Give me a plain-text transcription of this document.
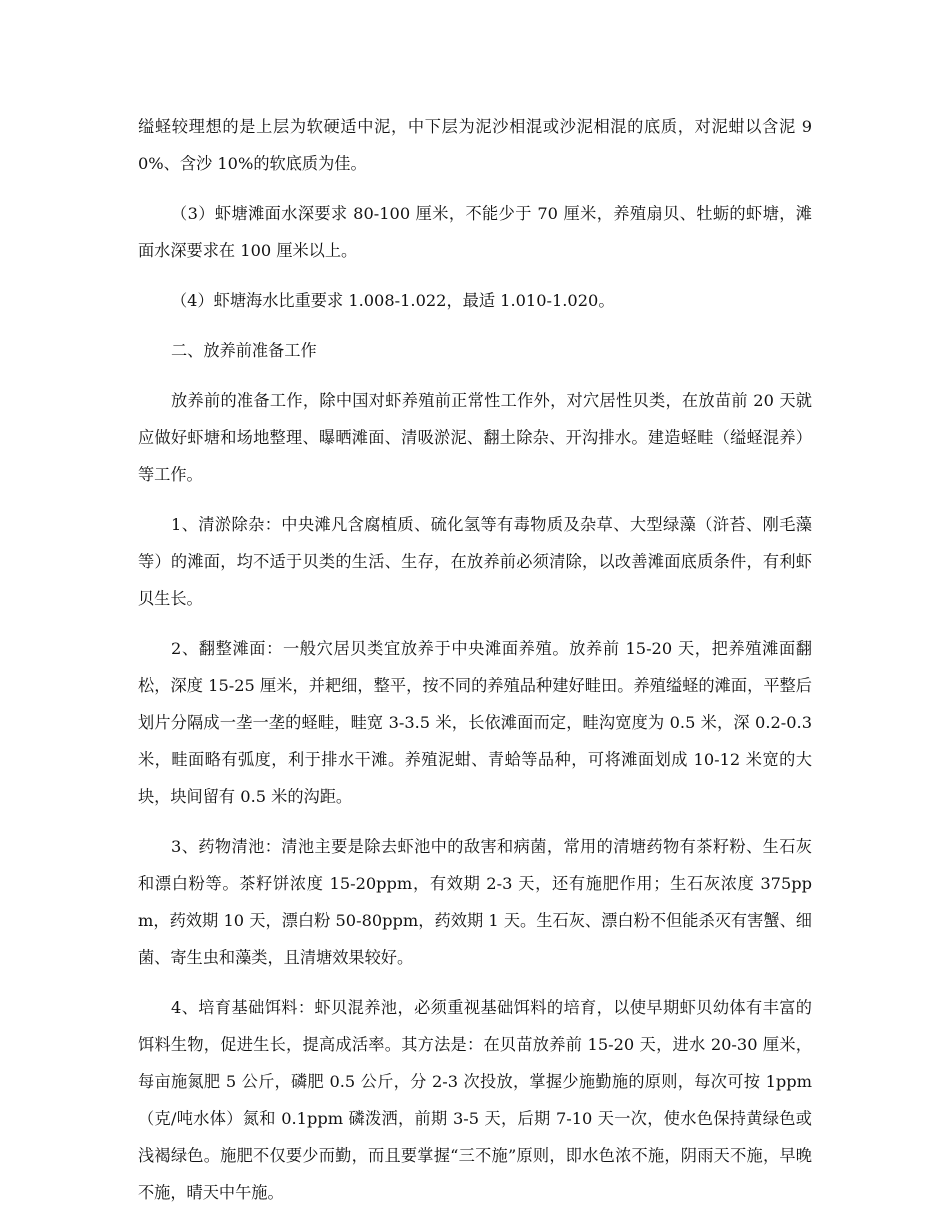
缢蛏较理想的是上层为软硬适中泥，中下层为泥沙相混或沙泥相混的底质，对泥蚶以含泥 90%、含沙 10%的软底质为佳。

（3）虾塘滩面水深要求 80-100 厘米，不能少于 70 厘米，养殖扇贝、牡蛎的虾塘，滩面水深要求在 100 厘米以上。

（4）虾塘海水比重要求 1.008-1.022，最适 1.010-1.020。

二、放养前准备工作

放养前的准备工作，除中国对虾养殖前正常性工作外，对穴居性贝类，在放苗前 20 天就应做好虾塘和场地整理、曝晒滩面、清吸淤泥、翻土除杂、开沟排水。建造蛏畦（缢蛏混养）等工作。

1、清淤除杂：中央滩凡含腐植质、硫化氢等有毒物质及杂草、大型绿藻（浒苔、刚毛藻等）的滩面，均不适于贝类的生活、生存，在放养前必须清除，以改善滩面底质条件，有利虾贝生长。

2、翻整滩面：一般穴居贝类宜放养于中央滩面养殖。放养前 15-20 天，把养殖滩面翻松，深度 15-25 厘米，并耙细，整平，按不同的养殖品种建好畦田。养殖缢蛏的滩面，平整后划片分隔成一垄一垄的蛏畦，畦宽 3-3.5 米，长依滩面而定，畦沟宽度为 0.5 米，深 0.2-0.3 米，畦面略有弧度，利于排水干滩。养殖泥蚶、青蛤等品种，可将滩面划成 10-12 米宽的大块，块间留有 0.5 米的沟距。

3、药物清池：清池主要是除去虾池中的敌害和病菌，常用的清塘药物有茶籽粉、生石灰和漂白粉等。茶籽饼浓度 15-20ppm，有效期 2-3 天，还有施肥作用；生石灰浓度 375ppm，药效期 10 天，漂白粉 50-80ppm，药效期 1 天。生石灰、漂白粉不但能杀灭有害蟹、细菌、寄生虫和藻类，且清塘效果较好。

4、培育基础饵料：虾贝混养池，必须重视基础饵料的培育，以使早期虾贝幼体有丰富的饵料生物，促进生长，提高成活率。其方法是：在贝苗放养前 15-20 天，进水 20-30 厘米，每亩施氮肥 5 公斤，磷肥 0.5 公斤，分 2-3 次投放，掌握少施勤施的原则，每次可按 1ppm（克/吨水体）氮和 0.1ppm 磷泼洒，前期 3-5 天，后期 7-10 天一次，使水色保持黄绿色或浅褐绿色。施肥不仅要少而勤，而且要掌握“三不施”原则，即水色浓不施，阴雨天不施，早晚不施，晴天中午施。
